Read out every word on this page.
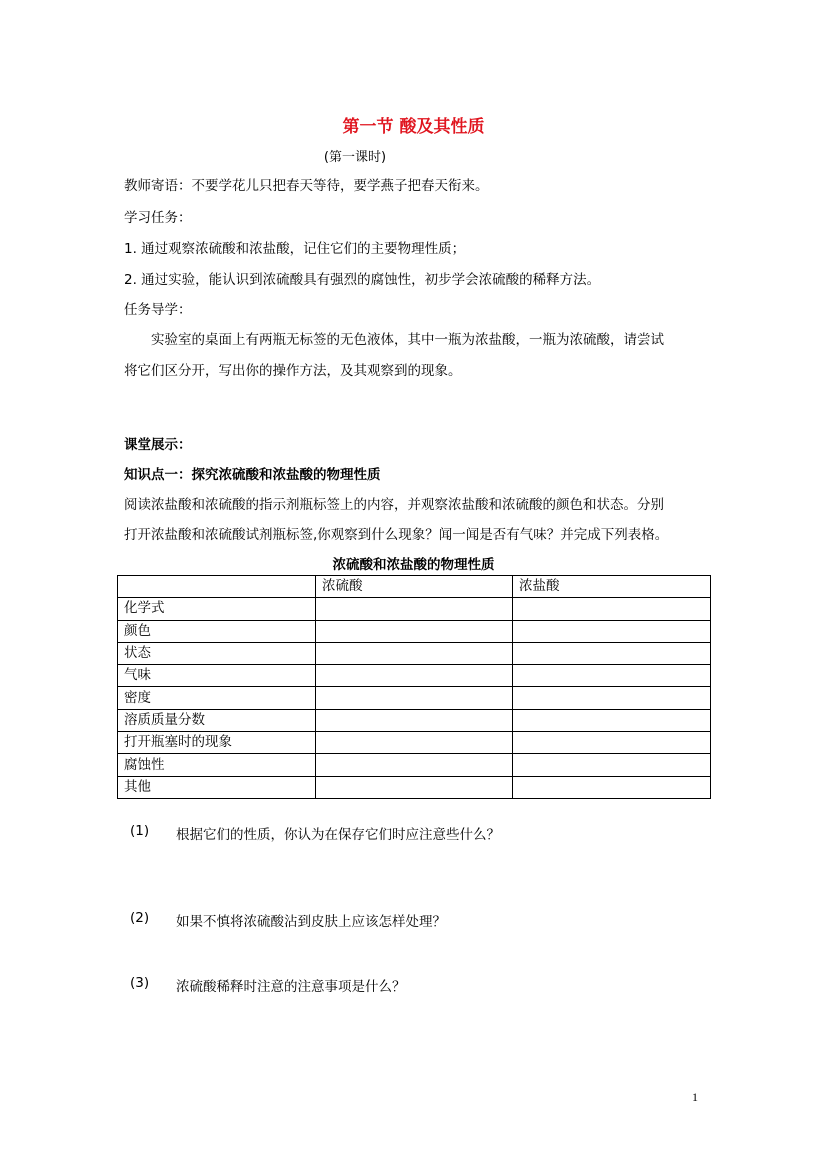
第一节 酸及其性质
(第一课时)
教师寄语：不要学花儿只把春天等待，要学燕子把春天衔来。
学习任务：
1. 通过观察浓硫酸和浓盐酸，记住它们的主要物理性质；
2. 通过实验，能认识到浓硫酸具有强烈的腐蚀性，初步学会浓硫酸的稀释方法。
任务导学：
实验室的桌面上有两瓶无标签的无色液体，其中一瓶为浓盐酸，一瓶为浓硫酸，请尝试
将它们区分开，写出你的操作方法，及其观察到的现象。
课堂展示：
知识点一：探究浓硫酸和浓盐酸的物理性质
阅读浓盐酸和浓硫酸的指示剂瓶标签上的内容，并观察浓盐酸和浓硫酸的颜色和状态。分别
打开浓盐酸和浓硫酸试剂瓶标签,你观察到什么现象？闻一闻是否有气味？并完成下列表格。
浓硫酸和浓盐酸的物理性质
	浓硫酸	浓盐酸
化学式		
颜色		
状态		
气味		
密度		
溶质质量分数		
打开瓶塞时的现象		
腐蚀性		
其他		
(1) 根据它们的性质，你认为在保存它们时应注意些什么？
(2) 如果不慎将浓硫酸沾到皮肤上应该怎样处理？
(3) 浓硫酸稀释时注意的注意事项是什么？
1
